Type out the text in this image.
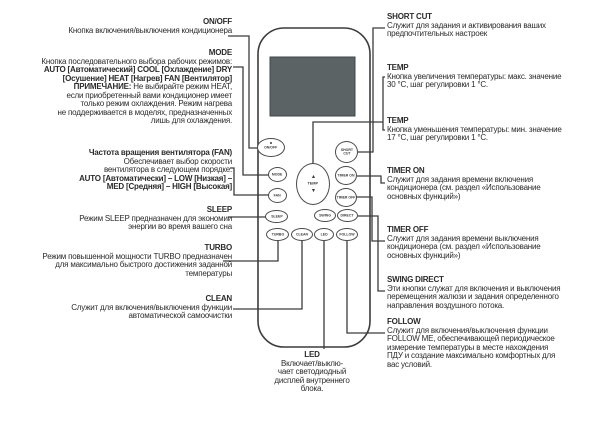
ON/OFF
SHORT CUT
MODE	TIMER ON
FAN
TIMER OFF
SLEEP	SWING	DIRECT
TURBO	CLEAN	LED	FOLLOW
▲
TEMP
▼
ON/OFF
Кнопка включения/выключения кондиционера
MODE
Кнопка последовательного выбора рабочих режимов:
AUTO [Автоматический] COOL [Охлаждение] DRY
[Осушение] HEAT [Нагрев] FAN [Вентилятор]
ПРИМЕЧАНИЕ: Не выбирайте режим HEAT,
если приобретенный вами кондиционер имеет
только режим охлаждения. Режим нагрева
не поддерживается в моделях, предназначенных
лишь для охлаждения.
Частота вращения вентилятора (FAN)
Обеспечивает выбор скорости
вентилятора в следующем порядке:
AUTO [Автоматически] – LOW [Низкая] –
MED [Средняя] – HIGH [Высокая]
SLEEP
Режим SLEEP предназначен для экономии
энергии во время вашего сна
TURBO
Режим повышенной мощности TURBO предназначен
для максимально быстрого достижения заданной
температуры
CLEAN
Служит для включения/выключения функции
автоматической самоочистки
SHORT CUT
Служит для задания и активирования ваших
предпочтительных настроек
TEMP
Кнопка увеличения температуры: макс. значение
30 °C, шаг регулировки 1 °C.
TEMP
Кнопка уменьшения температуры: мин. значение
17 °C, шаг регулировки 1 °C.
TIMER ON
Служит для задания времени включения
кондиционера (см. раздел «Использование
основных функций»)
TIMER OFF
Служит для задания времени выключения
кондиционера (см. раздел «Использование
основных функций»)
SWING DIRECT
Эти кнопки служат для включения и выключения
перемещения жалюзи и задания определенного
направления воздушного потока.
FOLLOW
Служит для включения/выключения функции
FOLLOW ME, обеспечивающей периодическое
измерение температуры в месте нахождения
ПДУ и создание максимально комфортных для
вас условий.
LED
Включает/выклю-
чает светодиодный
дисплей внутреннего
блока.
